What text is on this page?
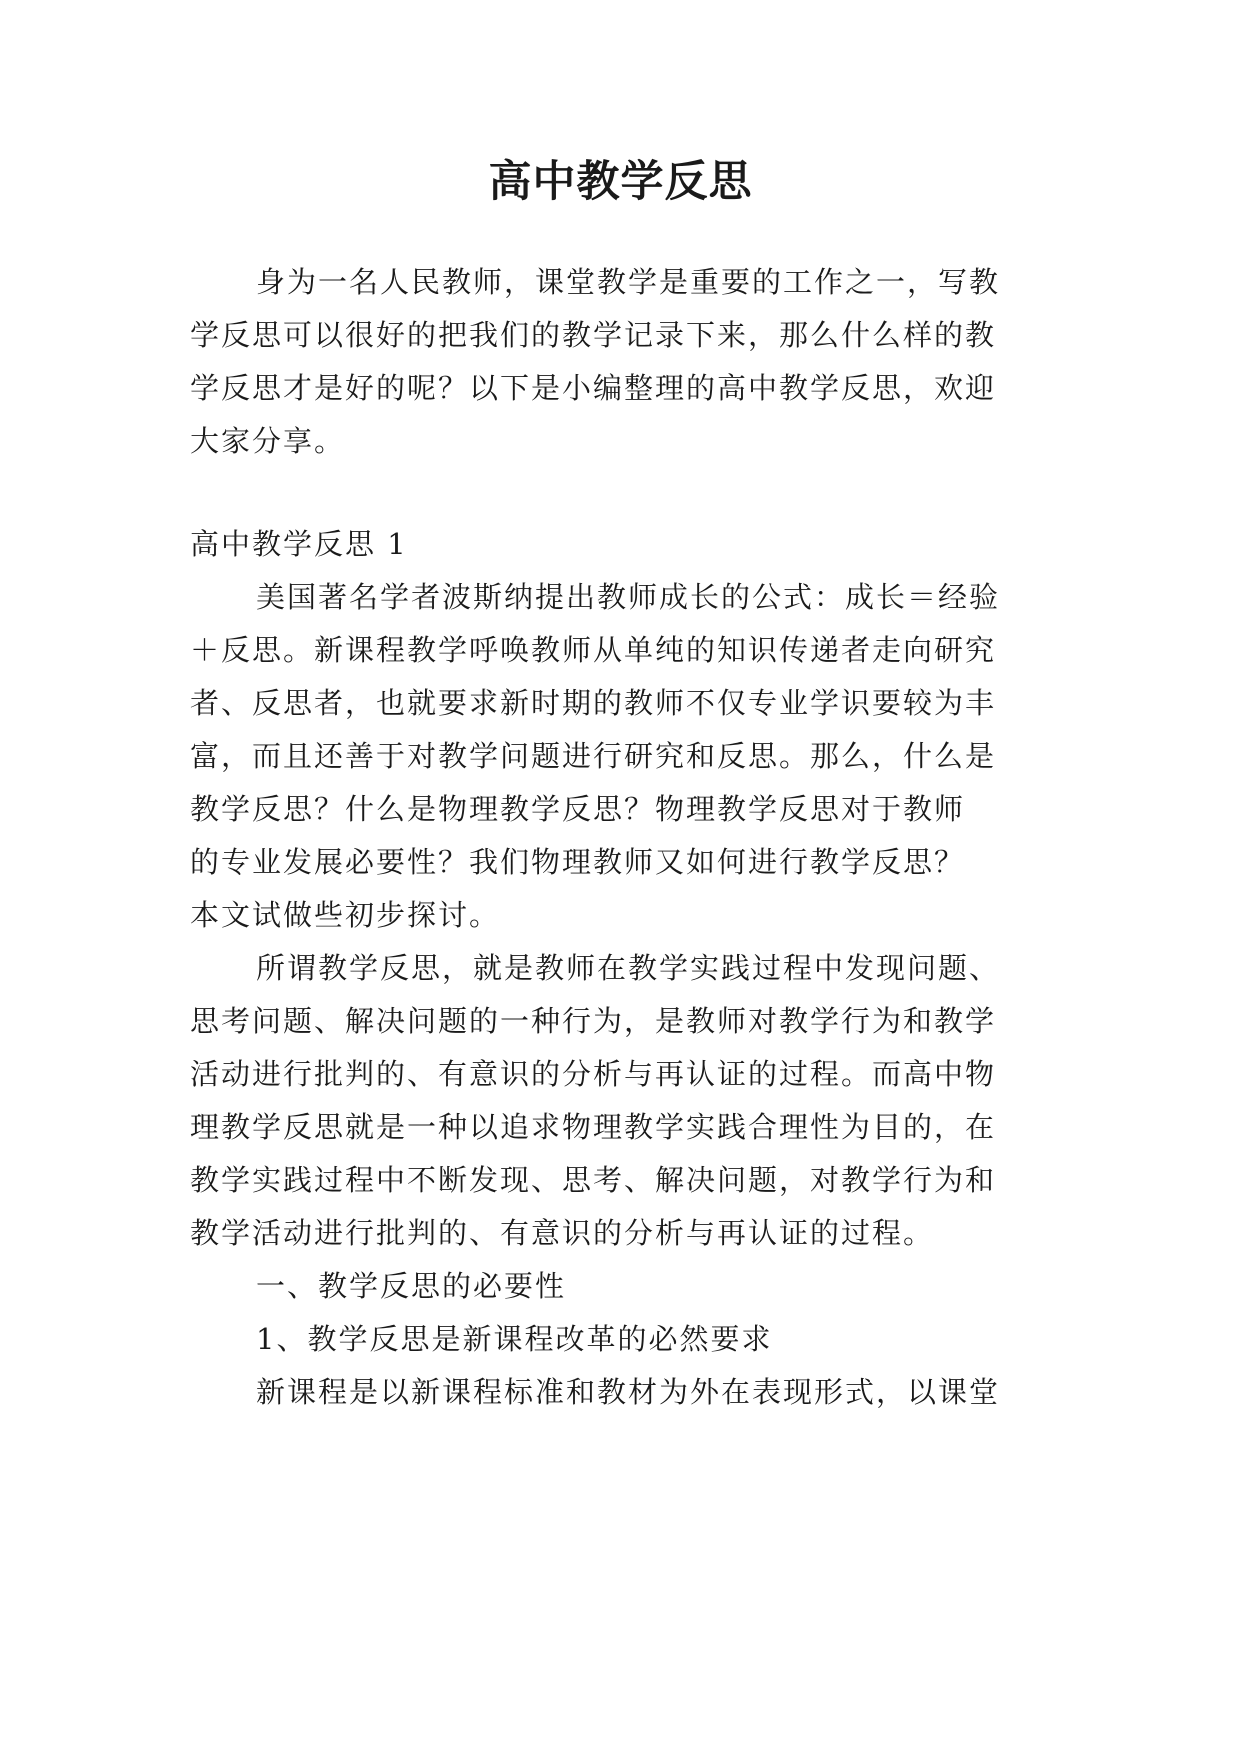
高中教学反思
身为一名人民教师，课堂教学是重要的工作之一，写教
学反思可以很好的把我们的教学记录下来，那么什么样的教
学反思才是好的呢？以下是小编整理的高中教学反思，欢迎
大家分享。
高中教学反思 1
美国著名学者波斯纳提出教师成长的公式：成长＝经验
＋反思。新课程教学呼唤教师从单纯的知识传递者走向研究
者、反思者，也就要求新时期的教师不仅专业学识要较为丰
富，而且还善于对教学问题进行研究和反思。那么，什么是
教学反思？什么是物理教学反思？物理教学反思对于教师
的专业发展必要性？我们物理教师又如何进行教学反思？
本文试做些初步探讨。
所谓教学反思，就是教师在教学实践过程中发现问题、
思考问题、解决问题的一种行为，是教师对教学行为和教学
活动进行批判的、有意识的分析与再认证的过程。而高中物
理教学反思就是一种以追求物理教学实践合理性为目的，在
教学实践过程中不断发现、思考、解决问题，对教学行为和
教学活动进行批判的、有意识的分析与再认证的过程。
一、教学反思的必要性
1、教学反思是新课程改革的必然要求
新课程是以新课程标准和教材为外在表现形式，以课堂
